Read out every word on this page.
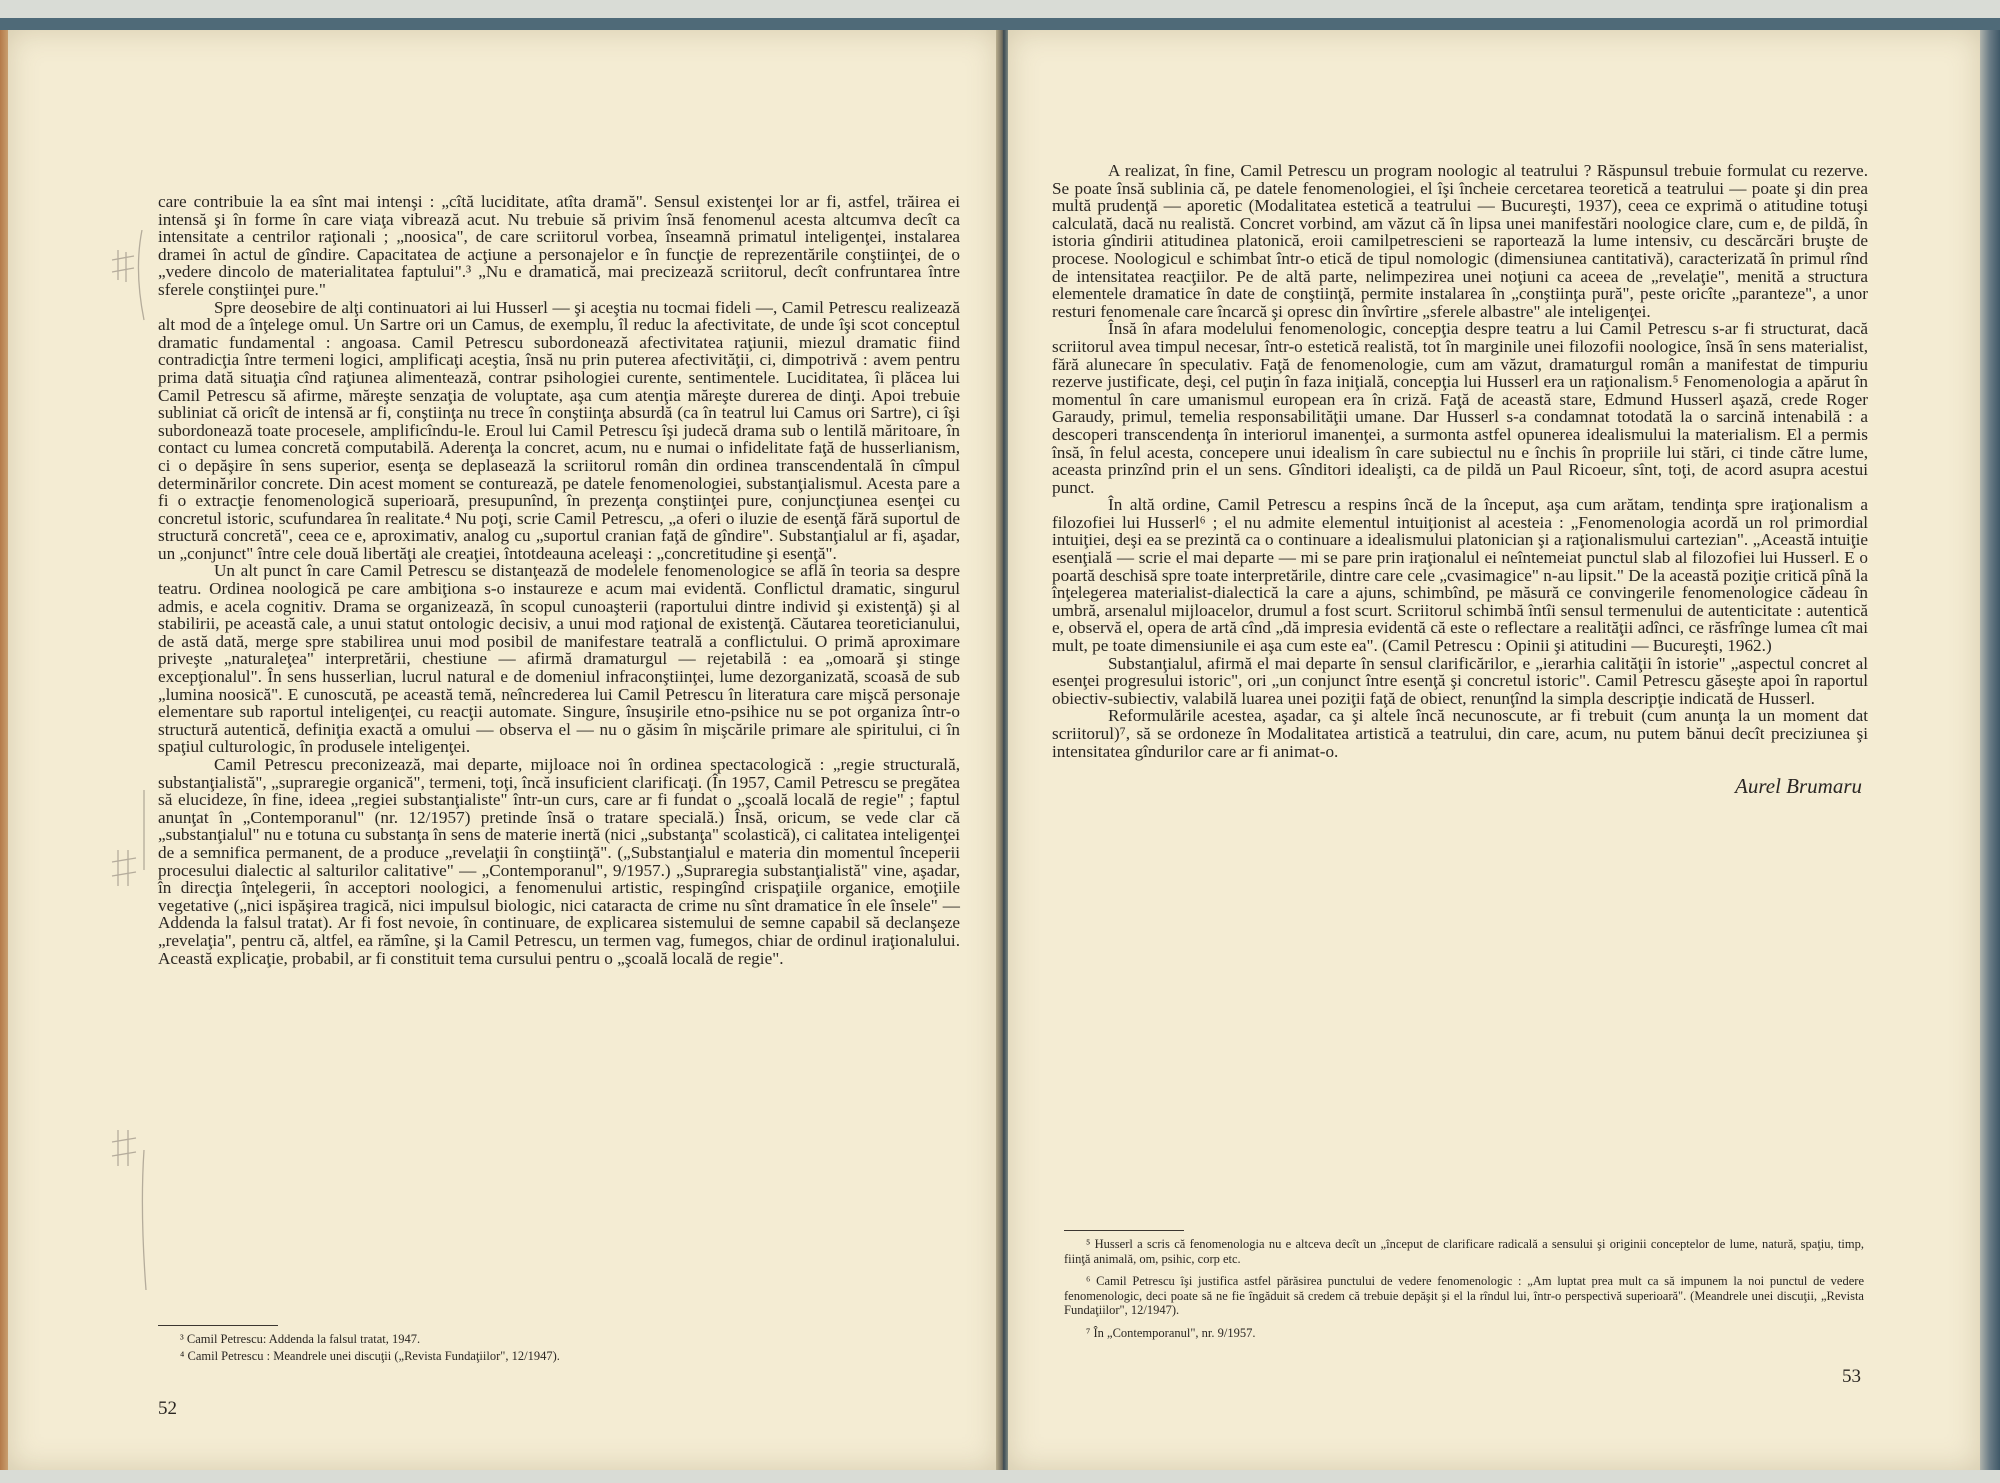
care contribuie la ea sînt mai intenşi : „cîtă luciditate, atîta dramă". Sensul existenţei lor ar fi, astfel, trăirea ei intensă şi în forme în care viaţa vibrează acut. Nu trebuie să privim însă fenomenul acesta altcumva decît ca intensitate a centrilor raţionali ; „noosica", de care scriitorul vorbea, înseamnă primatul inteligenţei, instalarea dramei în actul de gîndire. Capacitatea de acţiune a personajelor e în funcţie de reprezentările conştiinţei, de o „vedere dincolo de materialitatea faptului".³ „Nu e dramatică, mai precizează scriitorul, decît confruntarea între sferele conştiinţei pure."

Spre deosebire de alţi continuatori ai lui Husserl — şi aceştia nu tocmai fideli —, Camil Petrescu realizează alt mod de a înţelege omul. Un Sartre ori un Camus, de exemplu, îl reduc la afectivitate, de unde îşi scot conceptul dramatic fundamental : angoasa. Camil Petrescu subordonează afectivitatea raţiunii, miezul dramatic fiind contradicţia între termeni logici, amplificaţi aceştia, însă nu prin puterea afectivităţii, ci, dimpotrivă : avem pentru prima dată situaţia cînd raţiunea alimentează, contrar psihologiei curente, sentimentele. Luciditatea, îi plăcea lui Camil Petrescu să afirme, măreşte senzaţia de voluptate, aşa cum atenţia măreşte durerea de dinţi. Apoi trebuie subliniat că oricît de intensă ar fi, conştiinţa nu trece în conştiinţa absurdă (ca în teatrul lui Camus ori Sartre), ci îşi subordonează toate procesele, amplificîndu-le. Eroul lui Camil Petrescu îşi judecă drama sub o lentilă măritoare, în contact cu lumea concretă computabilă. Aderenţa la concret, acum, nu e numai o infidelitate faţă de husserlianism, ci o depăşire în sens superior, esenţa se deplasează la scriitorul român din ordinea transcendentală în cîmpul determinărilor concrete. Din acest moment se conturează, pe datele fenomenologiei, substanţialismul. Acesta pare a fi o extracţie fenomenologică superioară, presupunînd, în prezenţa conştiinţei pure, conjuncţiunea esenţei cu concretul istoric, scufundarea în realitate.⁴ Nu poţi, scrie Camil Petrescu, „a oferi o iluzie de esenţă fără suportul de structură concretă", ceea ce e, aproximativ, analog cu „suportul cranian faţă de gîndire". Substanţialul ar fi, aşadar, un „conjunct" între cele două libertăţi ale creaţiei, întotdeauna aceleaşi : „concretitudine şi esenţă".

Un alt punct în care Camil Petrescu se distanţează de modelele fenomenologice se află în teoria sa despre teatru. Ordinea noologică pe care ambiţiona s-o instaureze e acum mai evidentă. Conflictul dramatic, singurul admis, e acela cognitiv. Drama se organizează, în scopul cunoaşterii (raportului dintre individ şi existenţă) şi al stabilirii, pe această cale, a unui statut ontologic decisiv, a unui mod raţional de existenţă. Căutarea teoreticianului, de astă dată, merge spre stabilirea unui mod posibil de manifestare teatrală a conflictului. O primă aproximare priveşte „naturaleţea" interpretării, chestiune — afirmă dramaturgul — rejetabilă : ea „omoară şi stinge excepţionalul". În sens husserlian, lucrul natural e de domeniul infraconştiinţei, lume dezorganizată, scoasă de sub „lumina noosică". E cunoscută, pe această temă, neîncrederea lui Camil Petrescu în literatura care mişcă personaje elementare sub raportul inteligenţei, cu reacţii automate. Singure, însuşirile etno-psihice nu se pot organiza într-o structură autentică, definiţia exactă a omului — observa el — nu o găsim în mişcările primare ale spiritului, ci în spaţiul culturologic, în produsele inteligenţei.

Camil Petrescu preconizează, mai departe, mijloace noi în ordinea spectacologică : „regie structurală, substanţialistă", „supraregie organică", termeni, toţi, încă insuficient clarificaţi. (În 1957, Camil Petrescu se pregătea să elucideze, în fine, ideea „regiei substanţialiste" într-un curs, care ar fi fundat o „şcoală locală de regie" ; faptul anunţat în „Contemporanul" (nr. 12/1957) pretinde însă o tratare specială.) Însă, oricum, se vede clar că „substanţialul" nu e totuna cu substanţa în sens de materie inertă (nici „substanţa" scolastică), ci calitatea inteligenţei de a semnifica permanent, de a produce „revelaţii în conştiinţă". („Substanţialul e materia din momentul începerii procesului dialectic al salturilor calitative" — „Contemporanul", 9/1957.) „Supraregia substanţialistă" vine, aşadar, în direcţia înţelegerii, în acceptori noologici, a fenomenului artistic, respingînd crispaţiile organice, emoţiile vegetative („nici ispăşirea tragică, nici impulsul biologic, nici cataracta de crime nu sînt dramatice în ele însele" — Addenda la falsul tratat). Ar fi fost nevoie, în continuare, de explicarea sistemului de semne capabil să declanşeze „revelaţia", pentru că, altfel, ea rămîne, şi la Camil Petrescu, un termen vag, fumegos, chiar de ordinul iraţionalului. Această explicaţie, probabil, ar fi constituit tema cursului pentru o „şcoală locală de regie".

³ Camil Petrescu: Addenda la falsul tratat, 1947.

⁴ Camil Petrescu : Meandrele unei discuţii („Revista Fundaţiilor", 12/1947).

52

A realizat, în fine, Camil Petrescu un program noologic al teatrului ? Răspunsul trebuie formulat cu rezerve. Se poate însă sublinia că, pe datele fenomenologiei, el îşi încheie cercetarea teoretică a teatrului — poate şi din prea multă prudenţă — aporetic (Modalitatea estetică a teatrului — Bucureşti, 1937), ceea ce exprimă o atitudine totuşi calculată, dacă nu realistă. Concret vorbind, am văzut că în lipsa unei manifestări noologice clare, cum e, de pildă, în istoria gîndirii atitudinea platonică, eroii camilpetrescieni se raportează la lume intensiv, cu descărcări bruşte de procese. Noologicul e schimbat într-o etică de tipul nomologic (dimensiunea cantitativă), caracterizată în primul rînd de intensitatea reacţiilor. Pe de altă parte, nelimpezirea unei noţiuni ca aceea de „revelaţie", menită a structura elementele dramatice în date de conştiinţă, permite instalarea în „conştiinţa pură", peste oricîte „paranteze", a unor resturi fenomenale care încarcă şi opresc din învîrtire „sferele albastre" ale inteligenţei.

Însă în afara modelului fenomenologic, concepţia despre teatru a lui Camil Petrescu s-ar fi structurat, dacă scriitorul avea timpul necesar, într-o estetică realistă, tot în marginile unei filozofii noologice, însă în sens materialist, fără alunecare în speculativ. Faţă de fenomenologie, cum am văzut, dramaturgul român a manifestat de timpuriu rezerve justificate, deşi, cel puţin în faza iniţială, concepţia lui Husserl era un raţionalism.⁵ Fenomenologia a apărut în momentul în care umanismul european era în criză. Faţă de această stare, Edmund Husserl aşază, crede Roger Garaudy, primul, temelia responsabilităţii umane. Dar Husserl s-a condamnat totodată la o sarcină intenabilă : a descoperi transcendenţa în interiorul imanenţei, a surmonta astfel opunerea idealismului la materialism. El a permis însă, în felul acesta, concepere unui idealism în care subiectul nu e închis în propriile lui stări, ci tinde către lume, aceasta prinzînd prin el un sens. Gînditori idealişti, ca de pildă un Paul Ricoeur, sînt, toţi, de acord asupra acestui punct.

În altă ordine, Camil Petrescu a respins încă de la început, aşa cum arătam, tendinţa spre iraţionalism a filozofiei lui Husserl⁶ ; el nu admite elementul intuiţionist al acesteia : „Fenomenologia acordă un rol primordial intuiţiei, deşi ea se prezintă ca o continuare a idealismului platonician şi a raţionalismului cartezian". „Această intuiţie esenţială — scrie el mai departe — mi se pare prin iraţionalul ei neîntemeiat punctul slab al filozofiei lui Husserl. E o poartă deschisă spre toate interpretările, dintre care cele „cvasimagice" n-au lipsit." De la această poziţie critică pînă la înţelegerea materialist-dialectică la care a ajuns, schimbînd, pe măsură ce convingerile fenomenologice cădeau în umbră, arsenalul mijloacelor, drumul a fost scurt. Scriitorul schimbă întîi sensul termenului de autenticitate : autentică e, observă el, opera de artă cînd „dă impresia evidentă că este o reflectare a realităţii adînci, ce răsfrînge lumea cît mai mult, pe toate dimensiunile ei aşa cum este ea". (Camil Petrescu : Opinii şi atitudini — Bucureşti, 1962.)

Substanţialul, afirmă el mai departe în sensul clarificărilor, e „ierarhia calităţii în istorie" „aspectul concret al esenţei progresului istoric", ori „un conjunct între esenţă şi concretul istoric". Camil Petrescu găseşte apoi în raportul obiectiv-subiectiv, valabilă luarea unei poziţii faţă de obiect, renunţînd la simpla descripţie indicată de Husserl.

Reformulările acestea, aşadar, ca şi altele încă necunoscute, ar fi trebuit (cum anunţa la un moment dat scriitorul)⁷, să se ordoneze în Modalitatea artistică a teatrului, din care, acum, nu putem bănui decît preciziunea şi intensitatea gîndurilor care ar fi animat-o.

Aurel Brumaru

⁵ Husserl a scris că fenomenologia nu e altceva decît un „început de clarificare radicală a sensului şi originii conceptelor de lume, natură, spaţiu, timp, fiinţă animală, om, psihic, corp etc.

⁶ Camil Petrescu îşi justifica astfel părăsirea punctului de vedere fenomenologic : „Am luptat prea mult ca să impunem la noi punctul de vedere fenomenologic, deci poate să ne fie îngăduit să credem că trebuie depăşit şi el la rîndul lui, într-o perspectivă superioară". (Meandrele unei discuţii, „Revista Fundaţiilor", 12/1947).

⁷ În „Contemporanul", nr. 9/1957.

53
